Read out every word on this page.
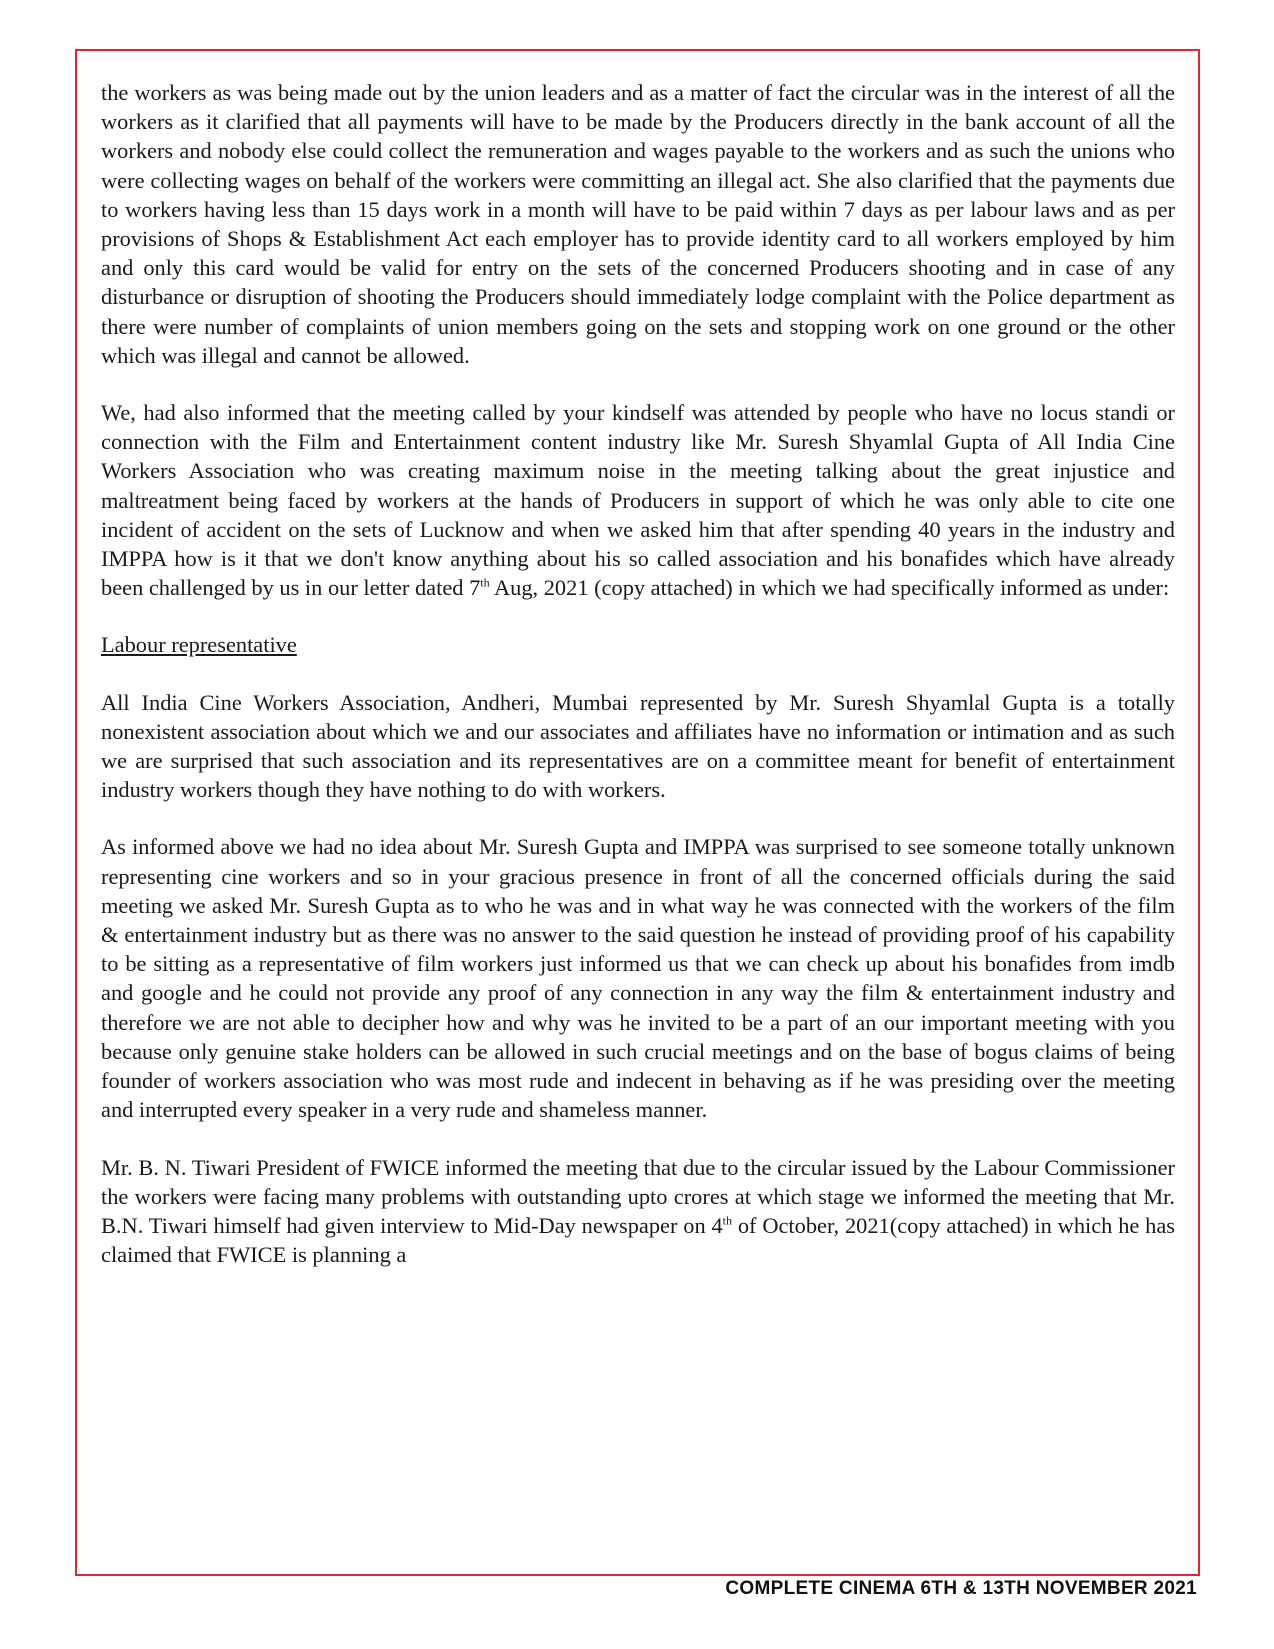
the workers as was being made out by the union leaders and as a matter of fact the circular was in the interest of all the workers as it clarified that all payments will have to be made by the Producers directly in the bank account of all the workers and nobody else could collect the remuneration and wages payable to the workers and as such the unions who were collecting wages on behalf of the workers were committing an illegal act. She also clarified that the payments due to workers having less than 15 days work in a month will have to be paid within 7 days as per labour laws and as per provisions of Shops & Establishment Act each employer has to provide identity card to all workers employed by him and only this card would be valid for entry on the sets of the concerned Producers shooting and in case of any disturbance or disruption of shooting the Producers should immediately lodge complaint with the Police department as there were number of complaints of union members going on the sets and stopping work on one ground or the other which was illegal and cannot be allowed.

We, had also informed that the meeting called by your kindself was attended by people who have no locus standi or connection with the Film and Entertainment content industry like Mr. Suresh Shyamlal Gupta of All India Cine Workers Association who was creating maximum noise in the meeting talking about the great injustice and maltreatment being faced by workers at the hands of Producers in support of which he was only able to cite one incident of accident on the sets of Lucknow and when we asked him that after spending 40 years in the industry and IMPPA how is it that we don't know anything about his so called association and his bonafides which have already been challenged by us in our letter dated 7th Aug, 2021 (copy attached) in which we had specifically informed as under:

Labour representative

All India Cine Workers Association, Andheri, Mumbai represented by Mr. Suresh Shyamlal Gupta is a totally nonexistent association about which we and our associates and affiliates have no information or intimation and as such we are surprised that such association and its representatives are on a committee meant for benefit of entertainment industry workers though they have nothing to do with workers.

As informed above we had no idea about Mr. Suresh Gupta and IMPPA was surprised to see someone totally unknown representing cine workers and so in your gracious presence in front of all the concerned officials during the said meeting we asked Mr. Suresh Gupta as to who he was and in what way he was connected with the workers of the film & entertainment industry but as there was no answer to the said question he instead of providing proof of his capability to be sitting as a representative of film workers just informed us that we can check up about his bonafides from imdb and google and he could not provide any proof of any connection in any way the film & entertainment industry and therefore we are not able to decipher how and why was he invited to be a part of an our important meeting with you because only genuine stake holders can be allowed in such crucial meetings and on the base of bogus claims of being founder of workers association who was most rude and indecent in behaving as if he was presiding over the meeting and interrupted every speaker in a very rude and shameless manner.

Mr. B. N. Tiwari President of FWICE informed the meeting that due to the circular issued by the Labour Commissioner the workers were facing many problems with outstanding upto crores at which stage we informed the meeting that Mr. B.N. Tiwari himself had given interview to Mid-Day newspaper on 4th of October, 2021(copy attached) in which he has claimed that FWICE is planning a

COMPLETE CINEMA 6TH & 13TH NOVEMBER 2021
